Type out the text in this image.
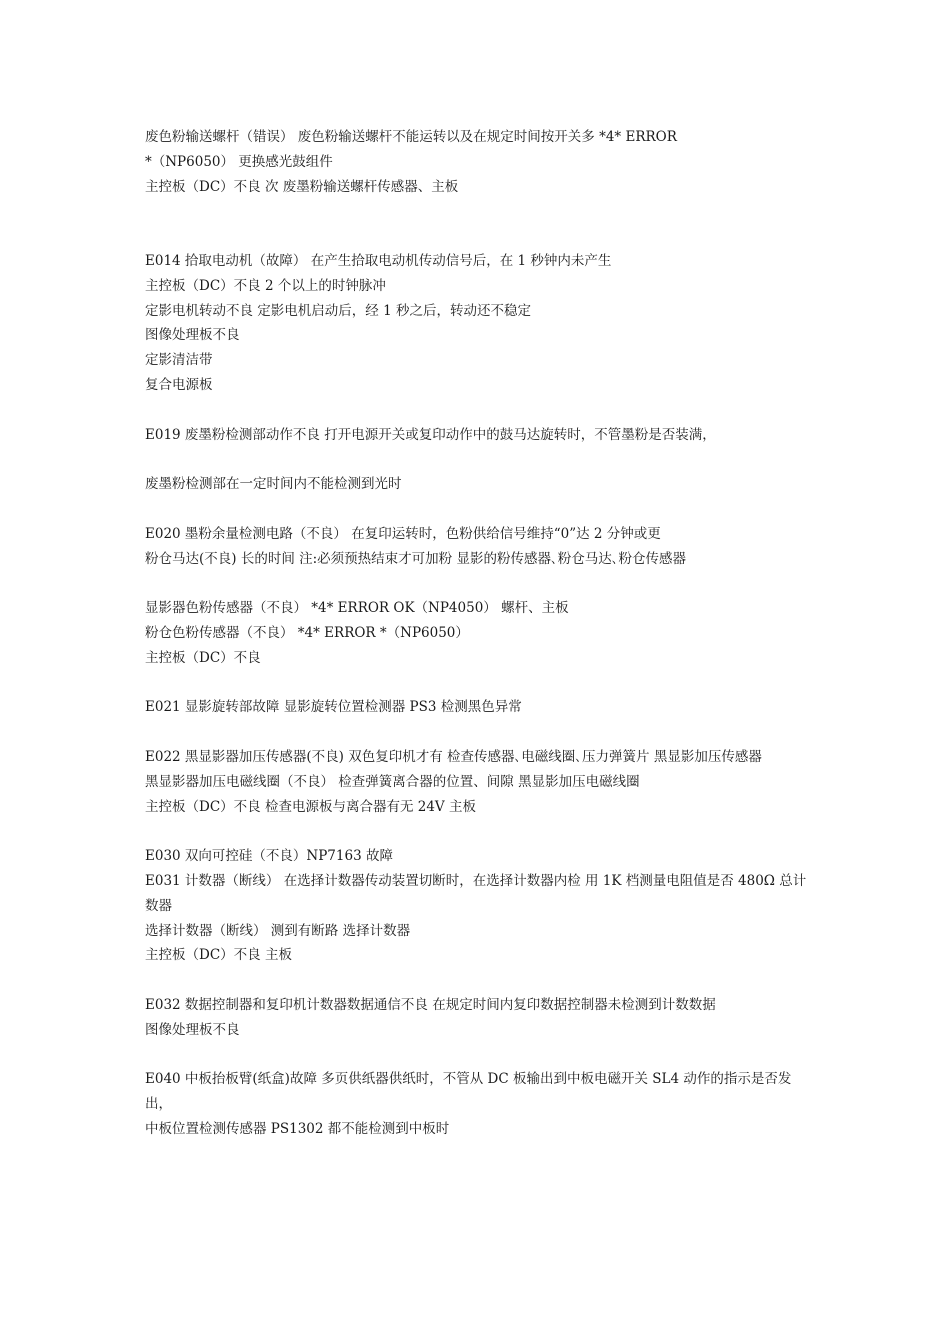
废色粉输送螺杆（错误） 废色粉输送螺杆不能运转以及在规定时间按开关多 *4* ERROR
*（NP6050） 更换感光鼓组件
主控板（DC）不良 次 废墨粉输送螺杆传感器、主板
E014 拾取电动机（故障） 在产生拾取电动机传动信号后，在 1 秒钟内未产生
主控板（DC）不良 2 个以上的时钟脉冲
定影电机转动不良 定影电机启动后，经 1 秒之后，转动还不稳定
图像处理板不良
定影清洁带
复合电源板
E019 废墨粉检测部动作不良 打开电源开关或复印动作中的鼓马达旋转时，不管墨粉是否装满，
废墨粉检测部在一定时间内不能检测到光时
E020 墨粉余量检测电路（不良） 在复印运转时，色粉供给信号维持“0”达 2 分钟或更
粉仓马达(不良) 长的时间 注:必须预热结束才可加粉 显影的粉传感器､粉仓马达､粉仓传感器
显影器色粉传感器（不良） *4* ERROR OK（NP4050） 螺杆、主板
粉仓色粉传感器（不良） *4* ERROR *（NP6050）
主控板（DC）不良
E021 显影旋转部故障 显影旋转位置检测器 PS3 检测黑色异常
E022 黑显影器加压传感器(不良) 双色复印机才有 检查传感器､电磁线圈､压力弹簧片 黑显影加压传感器
黑显影器加压电磁线圈（不良） 检查弹簧离合器的位置、间隙 黑显影加压电磁线圈
主控板（DC）不良 检查电源板与离合器有无 24V 主板
E030 双向可控硅（不良）NP7163 故障
E031 计数器（断线） 在选择计数器传动装置切断时，在选择计数器内检 用 1K 档测量电阻值是否 480Ω 总计数器
选择计数器（断线） 测到有断路 选择计数器
主控板（DC）不良 主板
E032 数据控制器和复印机计数器数据通信不良 在规定时间内复印数据控制器未检测到计数数据
图像处理板不良
E040 中板抬板臂(纸盒)故障 多页供纸器供纸时，不管从 DC 板输出到中板电磁开关 SL4 动作的指示是否发出，
中板位置检测传感器 PS1302 都不能检测到中板时
